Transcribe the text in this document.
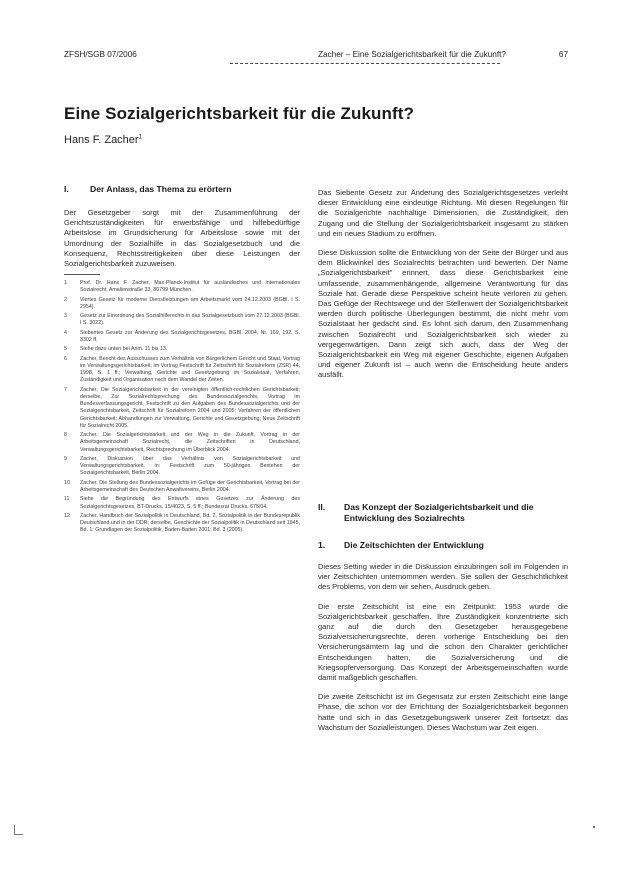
ZFSH/SGB 07/2006	Zacher – Eine Sozialgerichtsbarkeit für die Zukunft?	67
Eine Sozialgerichtsbarkeit für die Zukunft?
Hans F. Zacher$^1$
I. Der Anlass, das Thema zu erörtern

Der Gesetzgeber sorgt mit der Zusammenführung der Gerichtszuständigkeiten für erwerbsfähige und hilfebedürftige Arbeitslose im Grundsicherung für Arbeitslose sowie mit der Umordnung der Sozialhilfe in das Sozialgesetzbuch und die Konsequenz, Rechtsstreitigkeiten über diese Leistungen der Sozialgerichtsbarkeit zuzuweisen.

1	Prof. Dr. Hans F. Zacher, Max-Planck-Institut für ausländisches und internationales Sozialrecht, Amalienstraße 33, 80799 München.
2	Viertes Gesetz für moderne Dienstleistungen am Arbeitsmarkt vom 24.12.2003 (BGBl. I S. 2954).
3	Gesetz zur Einordnung des Sozialhilferechts in das Sozialgesetzbuch vom 27.12.2003 (BGBl. I S. 3022).
4	Siebentes Gesetz zur Änderung des Sozialgerichtsgesetzes, BGBl. 2004, Nr. 169, 192, S. 3302 ff.
5	Siehe dazu unten bei Anm. 11 bis 13.
6	Zacher, Bericht des Ausschusses zum Verhältnis von Bürgerlichem Gericht und Staat, Vortrag im Verwaltungsgerichtsbarkeit, im Vortrag Festschrift für Zeitschrift für Sozialreform (ZSR) 44, 1998, S. 1 ff.; Verwaltung, Gerichte und Gesetzgebung im Sozialstaat, Verfahren, Zuständigkeit und Organisation nach dem Wandel der Zeiten.
7	Zacher, Die Sozialgerichtsbarkeit in der vereinigten öffentlich-rechtlichen Gerichtsbarkeit; derselbe, Zur Sozialrechtsprechung des Bundessozialgerichts, Vortrag im Bundesverfassungsgericht, Festschrift zu den Aufgaben des Bundessozialgerichts und der Sozialgerichtsbarkeit, Zeitschrift für Sozialreform 2004 und 2005; Verfahren der öffentlichen Gerichtsbarkeit; Abhandlungen zur Verwaltung, Gerichte und Gesetzgebung; Neue Zeitschrift für Sozialrecht 2005.
8	Zacher, Die Sozialgerichtsbarkeit und der Weg in die Zukunft, Vortrag in der Arbeitsgemeinschaft Sozialrecht, die Zeitschriften in Deutschland, Verwaltungsgerichtsbarkeit, Rechtsprechung im Überblick 2004.
9	Zacher, Diskussion über das Verhältnis von Sozialgerichtsbarkeit und Verwaltungsgerichtsbarkeit, in: Festschrift zum 50-jährigen Bestehen der Sozialgerichtsbarkeit, Berlin 2004.
10	Zacher, Die Stellung des Bundessozialgerichts im Gefüge der Gerichtsbarkeit, Vortrag bei der Arbeitsgemeinschaft des Deutschen Anwaltvereins, Berlin 2004.
11	Siehe die Begründung des Entwurfs eines Gesetzes zur Änderung des Sozialgerichtsgesetzes, BT-Drucks. 15/4023, S. 5 ff.; Bundesrat Drucks. 675/04.
12	Zacher, Handbuch der Sozialpolitik in Deutschland, Bd. 2, Sozialpolitik in der Bundesrepublik Deutschland und in der DDR; derselbe, Geschichte der Sozialpolitik in Deutschland seit 1945, Bd. 1: Grundlagen der Sozialpolitik, Baden-Baden 2001; Bd. 3 (2005).

Das Siebente Gesetz zur Änderung des Sozialgerichtsgesetzes verleiht dieser Entwicklung eine eindeutige Richtung. Mit diesen Regelungen für die Sozialgerichte nachhaltige Dimensionen, die Zuständigkeit, den Zugang und die Stellung der Sozialgerichtsbarkeit insgesamt zu stärken und ein neues Stadium zu eröffnen.

Diese Diskussion sollte die Entwicklung von der Seite der Bürger und aus dem Blickwinkel des Sozialrechts betrachten und bewerten. Der Name „Sozialgerichtsbarkeit" erinnert, dass diese Gerichtsbarkeit eine umfassende, zusammenhängende, allgemeine Verantwortung für das Soziale hat. Gerade diese Perspektive scheint heute verloren zu gehen. Das Gefüge der Rechtswege und der Stellenwert der Sozialgerichtsbarkeit werden durch politische Überlegungen bestimmt, die nicht mehr vom Sozialstaat her gedacht sind. Es lohnt sich darum, den Zusammenhang zwischen Sozialrecht und Sozialgerichtsbarkeit sich wieder zu vergegenwärtigen. Dann zeigt sich auch, dass der Weg der Sozialgerichtsbarkeit ein Weg mit eigener Geschichte, eigenen Aufgaben und eigener Zukunft ist – auch wenn die Entscheidung heute anders ausfällt.

II.	Das Konzept der Sozialgerichtsbarkeit und die Entwicklung des Sozialrechts
1. Die Zeitschichten der Entwicklung

Dieses Setting wieder in die Diskussion einzubringen soll im Folgenden in vier Zeitschichten unternommen werden. Sie sollen der Geschichtlichkeit des Problems, von dem wir sehen, Ausdruck geben.

Die erste Zeitschicht ist eine ein Zeitpunkt: 1953 wurde die Sozialgerichtsbarkeit geschaffen. Ihre Zuständigkeit konzentrierte sich ganz auf die durch den Gesetzgeber herausgegebene Sozialversicherungsrechte, deren vorherige Entscheidung bei den Versicherungsämtern lag und die schon den Charakter gerichtlicher Entscheidungen hatten, die Sozialversicherung und die Kriegsopferversorgung. Das Konzept der Arbeitsgemeinschaften wurde damit maßgeblich geschaffen.

Die zweite Zeitschicht ist im Gegensatz zur ersten Zeitschicht eine lange Phase, die schon vor der Errichtung der Sozialgerichtsbarkeit begonnen hatte und sich in das Gesetzgebungswerk unserer Zeit fortsetzt: das Wachstum der Sozialleistungen. Dieses Wachstum war Zeit eigen.
